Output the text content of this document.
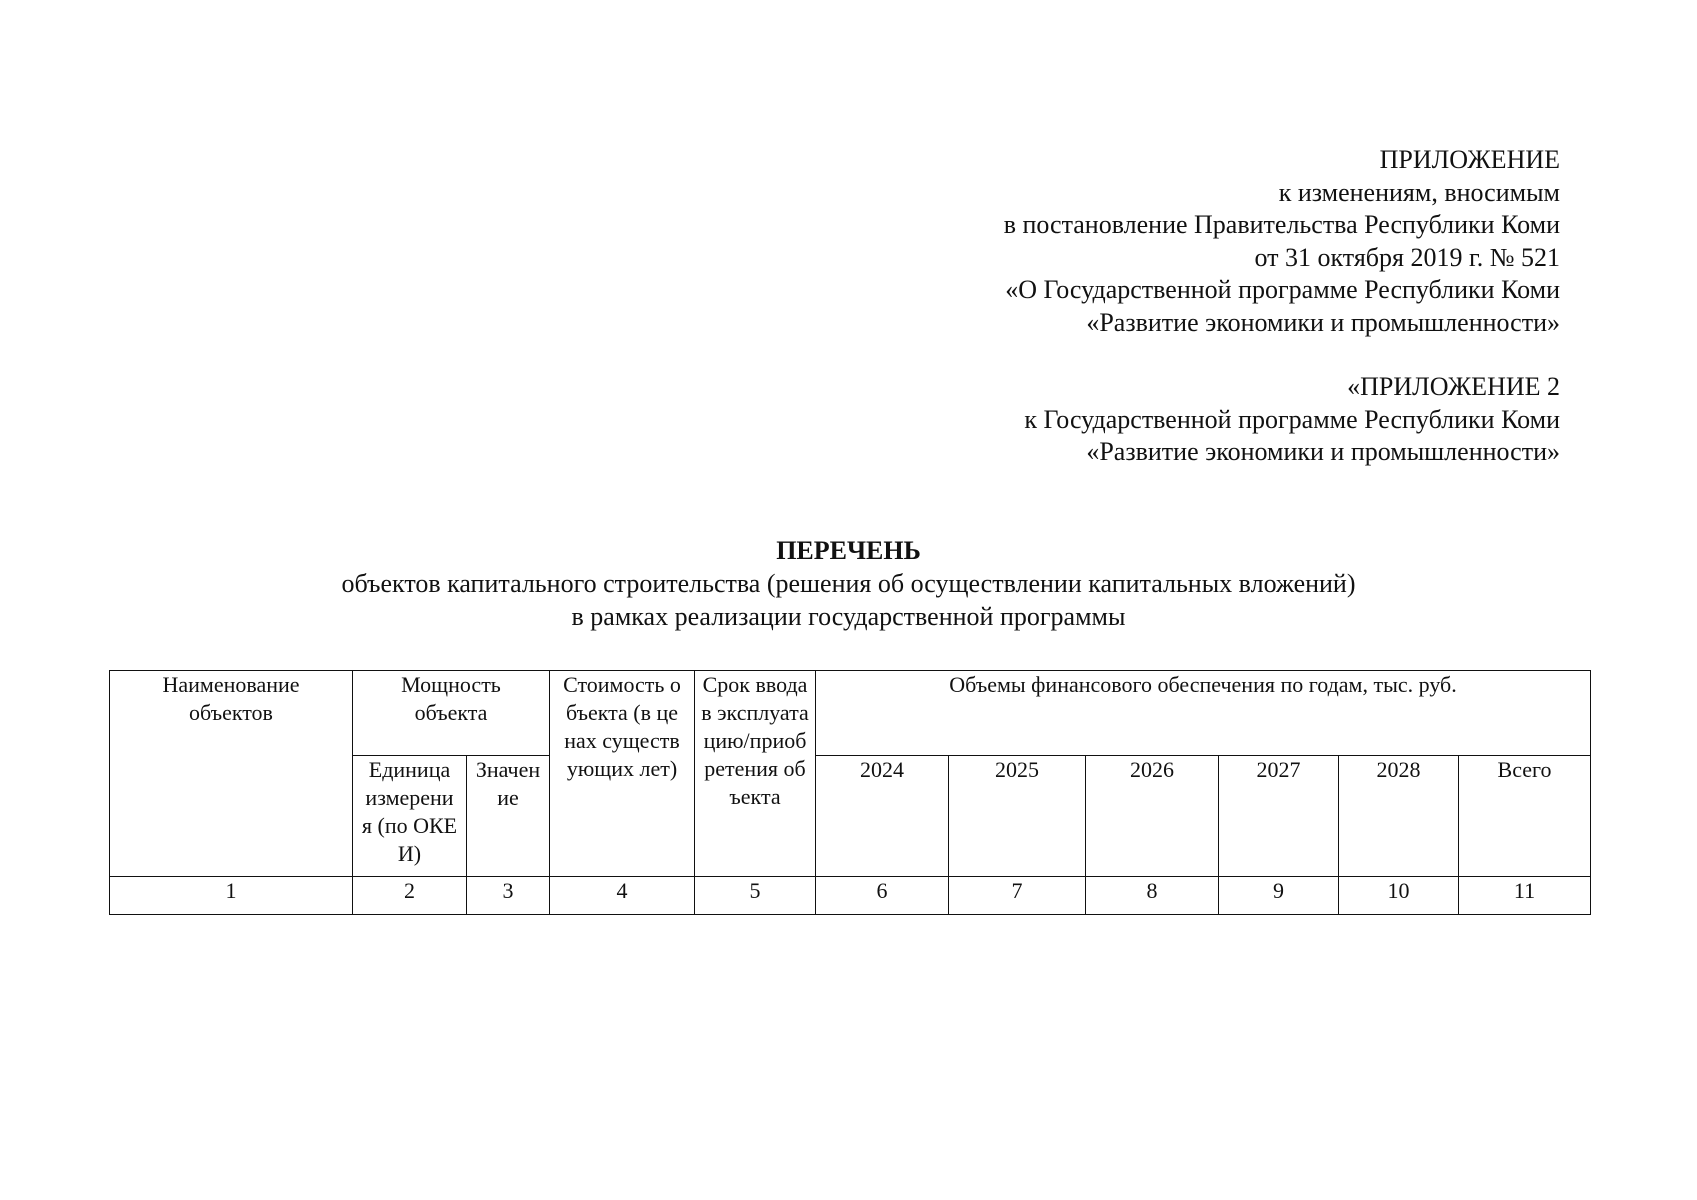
ПРИЛОЖЕНИЕ
к изменениям, вносимым
в постановление Правительства Республики Коми
от 31 октября 2019 г. № 521
«О Государственной программе Республики Коми
«Развитие экономики и промышленности»
«ПРИЛОЖЕНИЕ 2
к Государственной программе Республики Коми
«Развитие экономики и промышленности»
ПЕРЕЧЕНЬ
объектов капитального строительства (решения об осуществлении капитальных вложений)
в рамках реализации государственной программы
Наименование объектов	Мощность объекта		Стоимость объекта (в ценах существующих лет)	Срок ввода в эксплуатацию/приобретения объекта	Объемы финансового обеспечения по годам, тыс. руб.					

	Единица измерения (по ОКЕИ)	Значение			2024	2025	2026	2027	2028	Всего
1	2	3	4	5	6	7	8	9	10	11
